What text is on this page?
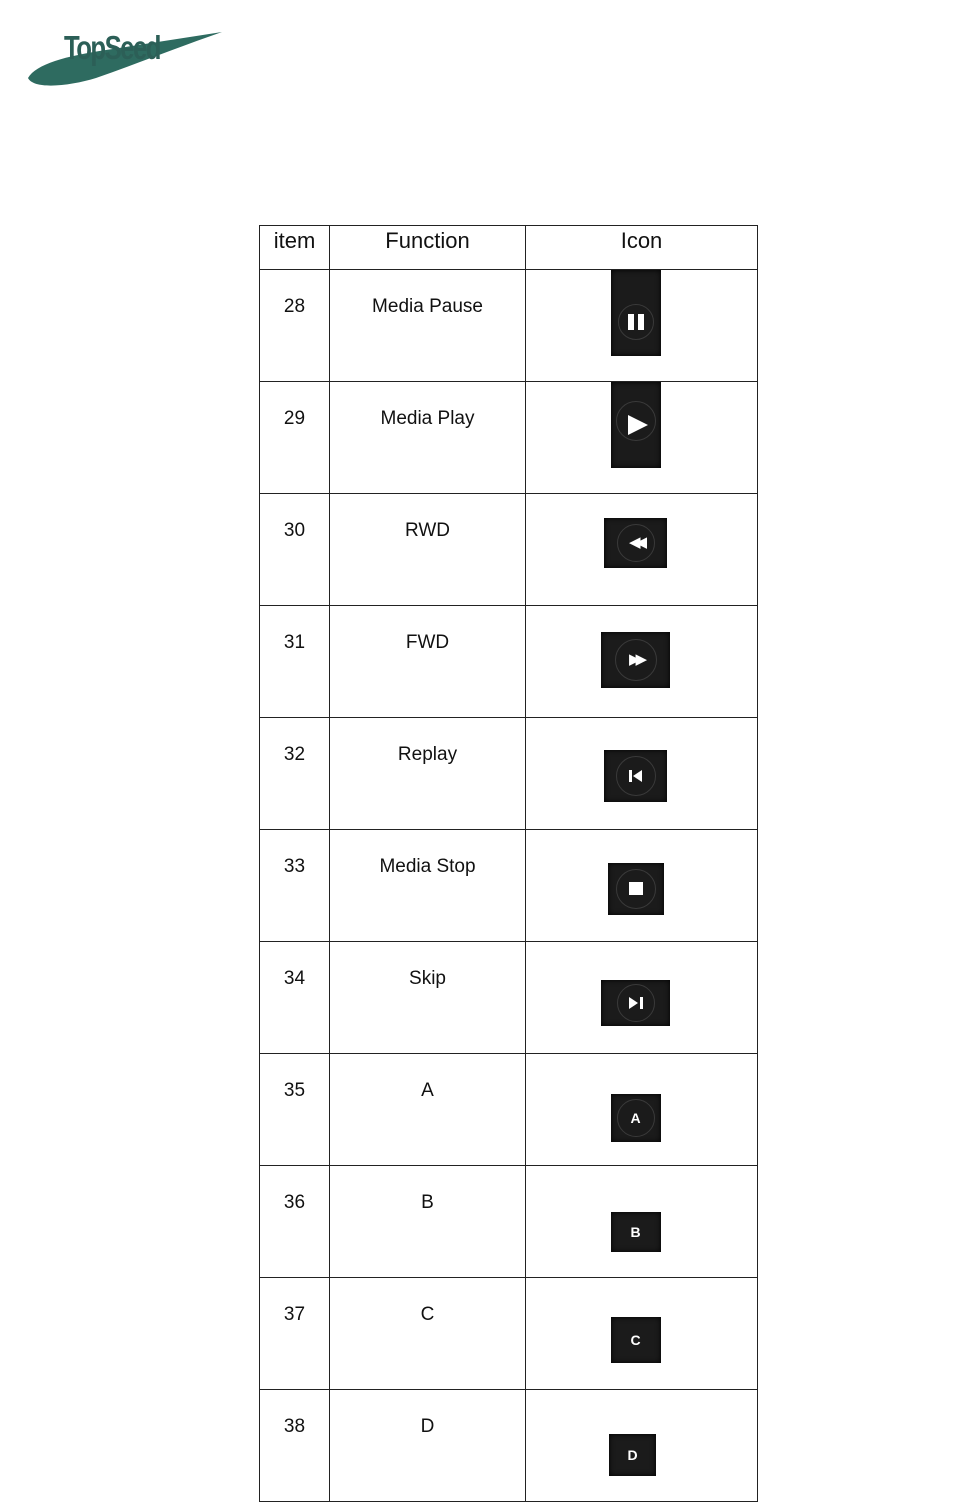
TopSeed
item	Function	Icon
28	Media Pause	

29	Media Play	

30	RWD	◀◀

31	FWD	▶▶

32	Replay	

33	Media Stop	

34	Skip	

35	A	A

36	B	B

37	C	C

38	D	D
